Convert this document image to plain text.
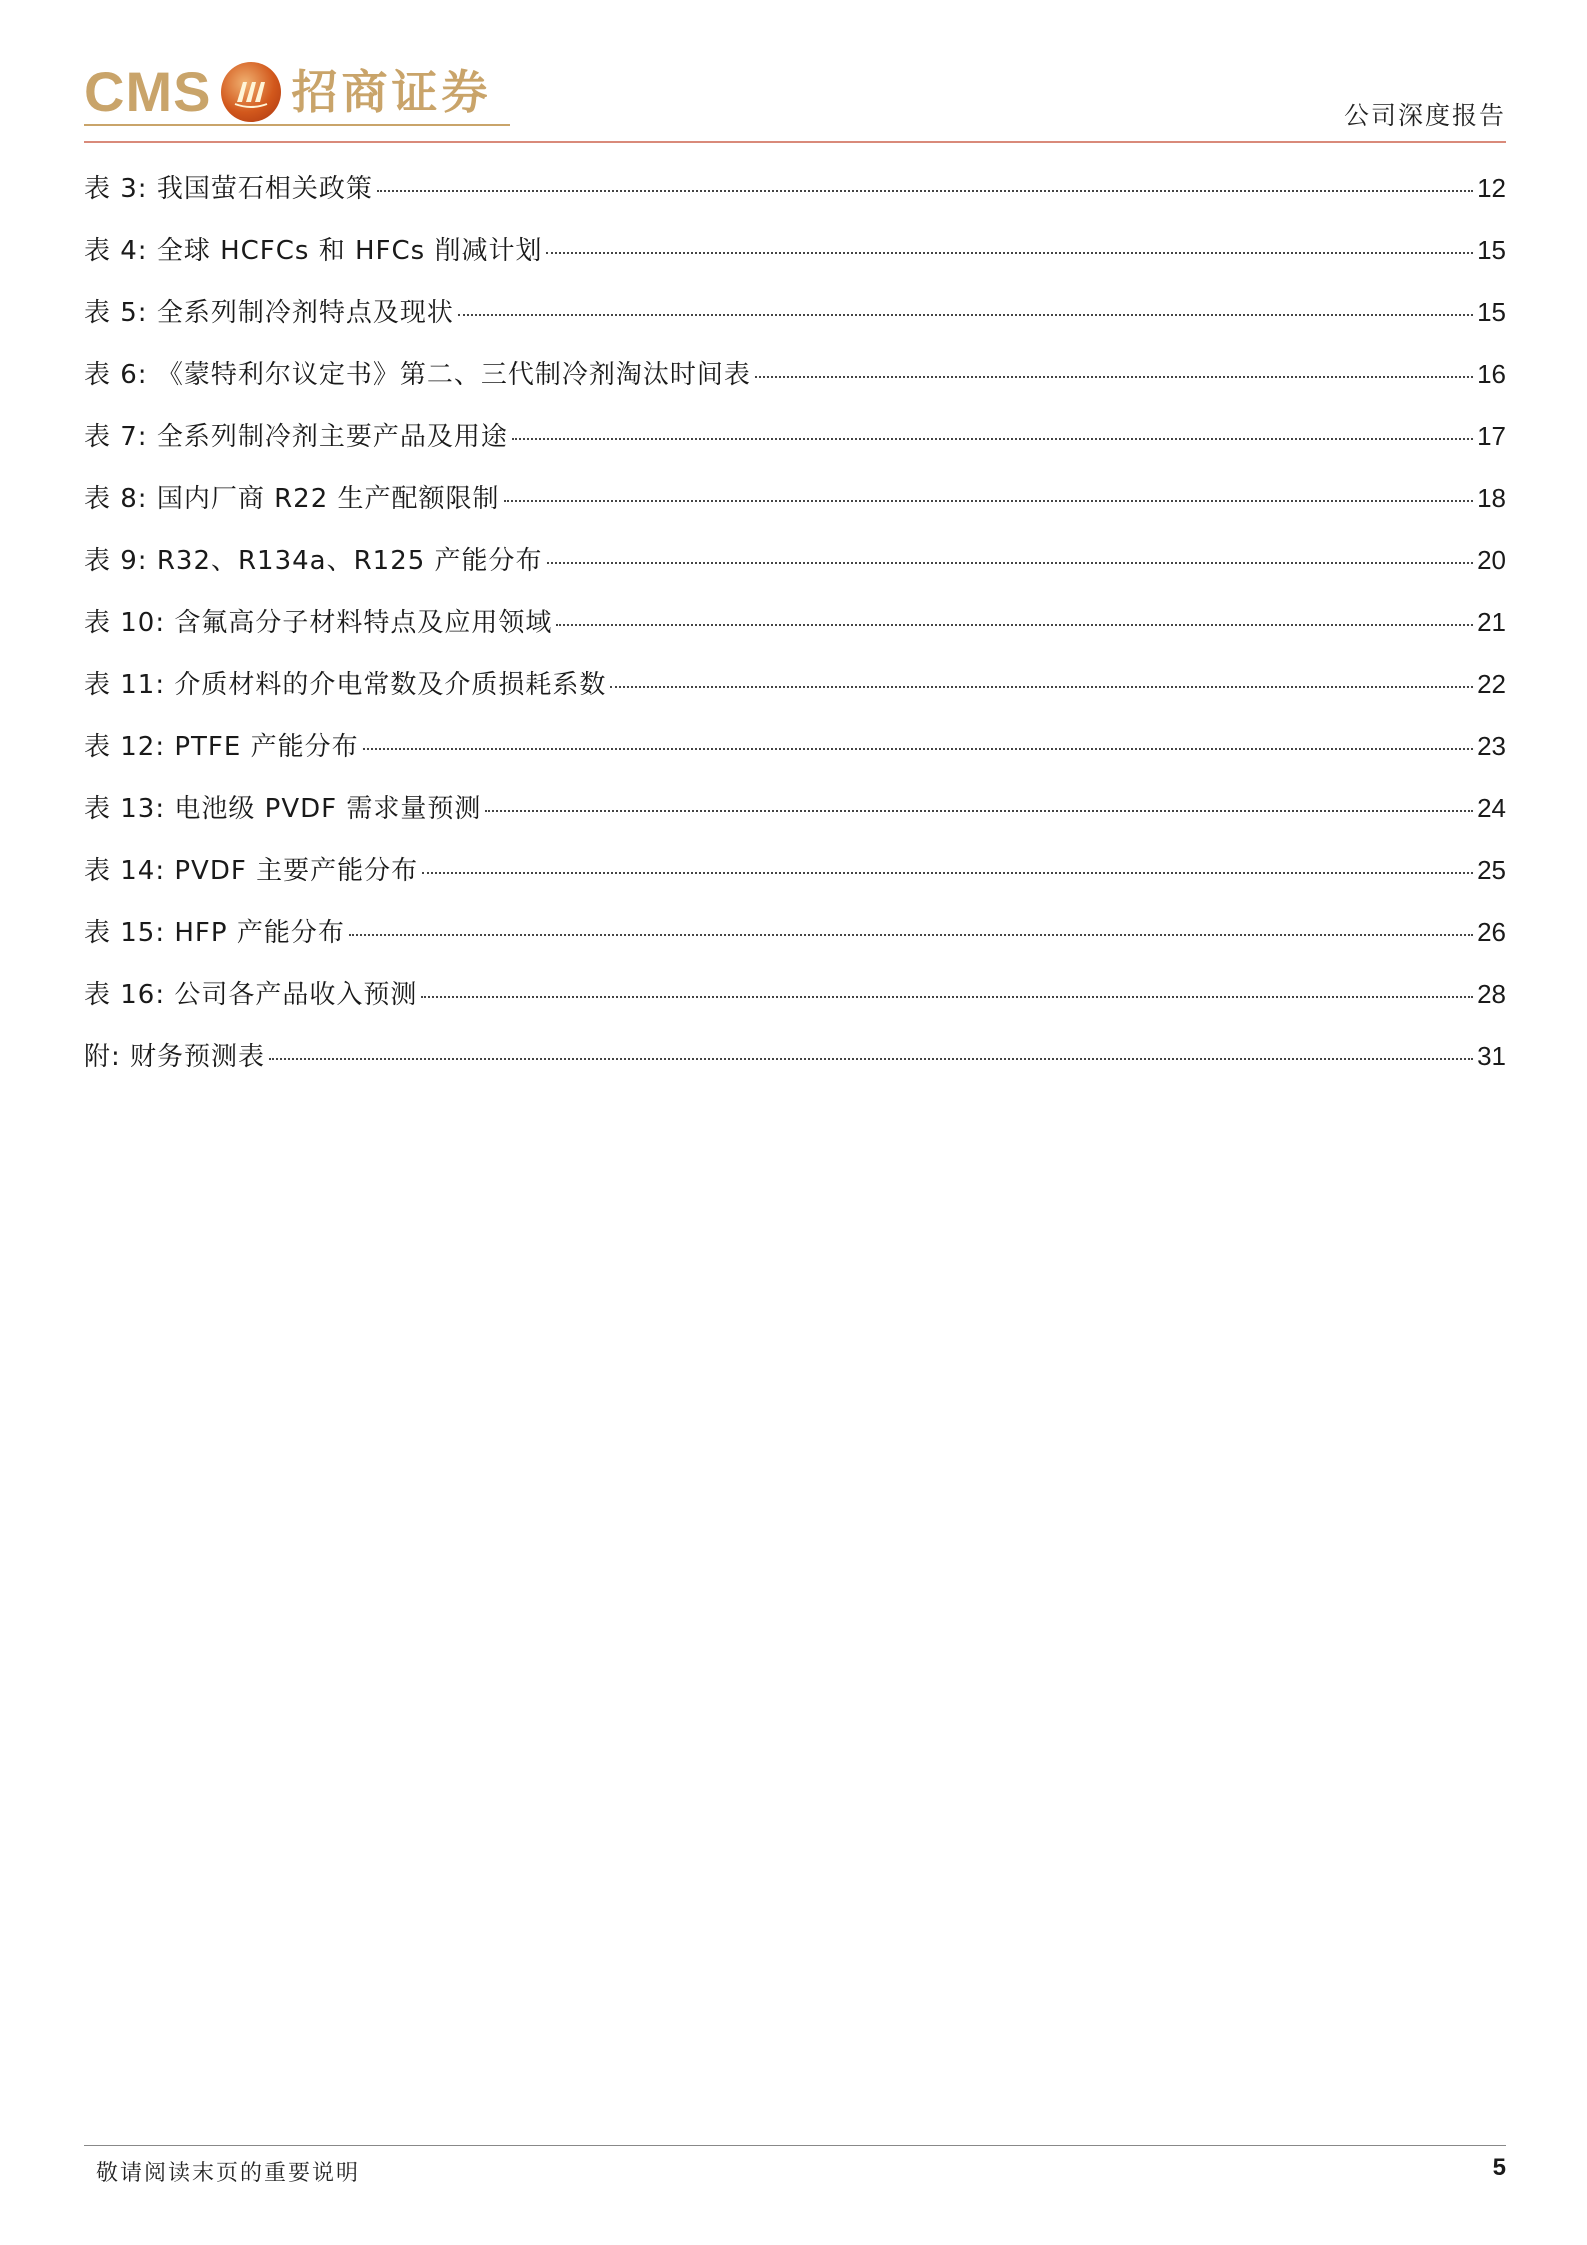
CMS 招商证券	公司深度报告
表 3: 我国萤石相关政策	12
表 4: 全球 HCFCs 和 HFCs 削减计划	15
表 5: 全系列制冷剂特点及现状	15
表 6: 《蒙特利尔议定书》第二、三代制冷剂淘汰时间表	16
表 7: 全系列制冷剂主要产品及用途	17
表 8: 国内厂商 R22 生产配额限制	18
表 9: R32、R134a、R125 产能分布	20
表 10: 含氟高分子材料特点及应用领域	21
表 11: 介质材料的介电常数及介质损耗系数	22
表 12: PTFE 产能分布	23
表 13: 电池级 PVDF 需求量预测	24
表 14: PVDF 主要产能分布	25
表 15: HFP 产能分布	26
表 16: 公司各产品收入预测	28
附: 财务预测表	31
敬请阅读末页的重要说明	5
